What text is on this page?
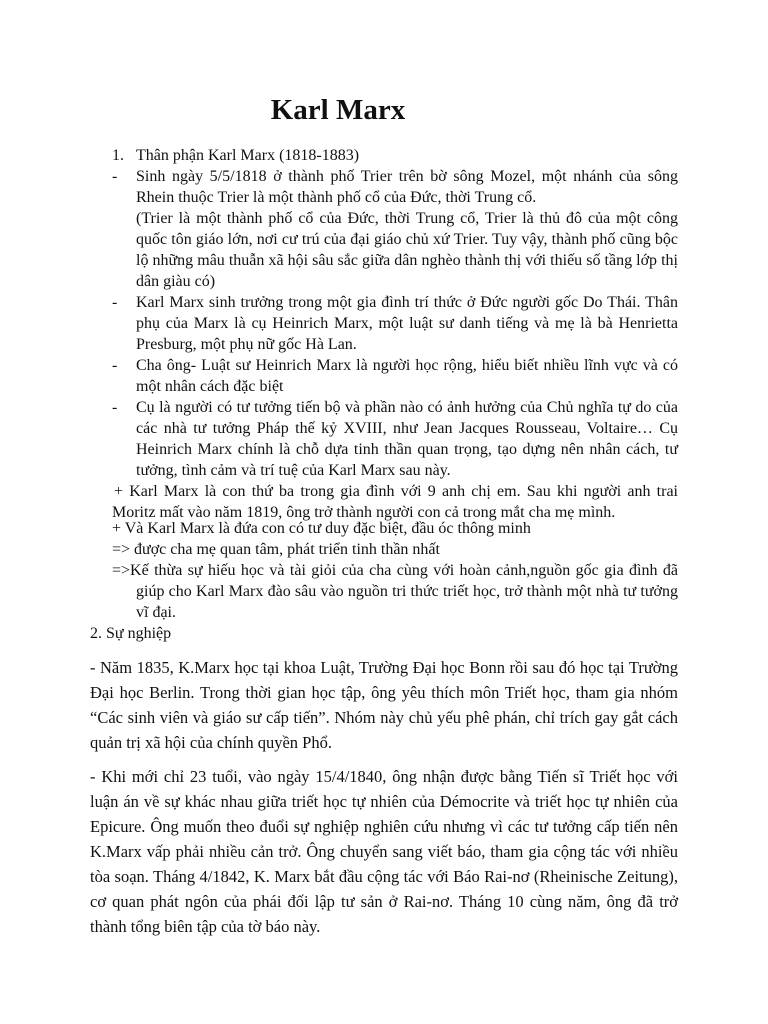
Karl Marx
1. Thân phận Karl Marx (1818-1883)
- Sinh ngày 5/5/1818 ở thành phố Trier trên bờ sông Mozel, một nhánh của sông Rhein thuộc Trier là một thành phố cổ của Đức, thời Trung cổ.
(Trier là một thành phố cổ của Đức, thời Trung cổ, Trier là thủ đô của một công quốc tôn giáo lớn, nơi cư trú của đại giáo chủ xứ Trier. Tuy vậy, thành phố cũng bộc lộ những mâu thuẫn xã hội sâu sắc giữa dân nghèo thành thị với thiếu số tầng lớp thị dân giàu có)
- Karl Marx sinh trưởng trong một gia đình trí thức ở Đức người gốc Do Thái. Thân phụ của Marx là cụ Heinrich Marx, một luật sư danh tiếng và mẹ là bà Henrietta Presburg, một phụ nữ gốc Hà Lan.
- Cha ông- Luật sư Heinrich Marx là người học rộng, hiểu biết nhiều lĩnh vực và có một nhân cách đặc biệt
- Cụ là người có tư tưởng tiến bộ và phần nào có ảnh hưởng của Chủ nghĩa tự do của các nhà tư tưởng Pháp thế kỷ XVIII, như Jean Jacques Rousseau, Voltaire… Cụ Heinrich Marx chính là chỗ dựa tinh thần quan trọng, tạo dựng nên nhân cách, tư tưởng, tình cảm và trí tuệ của Karl Marx sau này.
+ Karl Marx là con thứ ba trong gia đình với 9 anh chị em. Sau khi người anh trai Moritz mất vào năm 1819, ông trở thành người con cả trong mắt cha mẹ mình.
+ Và Karl Marx là đứa con có tư duy đặc biệt, đầu óc thông minh
=> được cha mẹ quan tâm, phát triển tinh thần nhất
=>Kế thừa sự hiếu học và tài giỏi của cha cùng với hoàn cảnh,nguồn gốc gia đình đã giúp cho Karl Marx đào sâu vào nguồn tri thức triết học, trở thành một nhà tư tưởng vĩ đại.
2. Sự nghiệp
- Năm 1835, K.Marx học tại khoa Luật, Trường Đại học Bonn rồi sau đó học tại Trường Đại học Berlin. Trong thời gian học tập, ông yêu thích môn Triết học, tham gia nhóm “Các sinh viên và giáo sư cấp tiến”. Nhóm này chủ yếu phê phán, chỉ trích gay gắt cách quản trị xã hội của chính quyền Phổ.
- Khi mới chỉ 23 tuổi, vào ngày 15/4/1840, ông nhận được bằng Tiến sĩ Triết học với luận án về sự khác nhau giữa triết học tự nhiên của Démocrite và triết học tự nhiên của Epicure. Ông muốn theo đuổi sự nghiệp nghiên cứu nhưng vì các tư tưởng cấp tiến nên K.Marx vấp phải nhiều cản trở. Ông chuyển sang viết báo, tham gia cộng tác với nhiều tòa soạn. Tháng 4/1842, K. Marx bắt đầu cộng tác với Báo Rai-nơ (Rheinische Zeitung), cơ quan phát ngôn của phái đối lập tư sản ở Rai-nơ. Tháng 10 cùng năm, ông đã trở thành tổng biên tập của tờ báo này.
